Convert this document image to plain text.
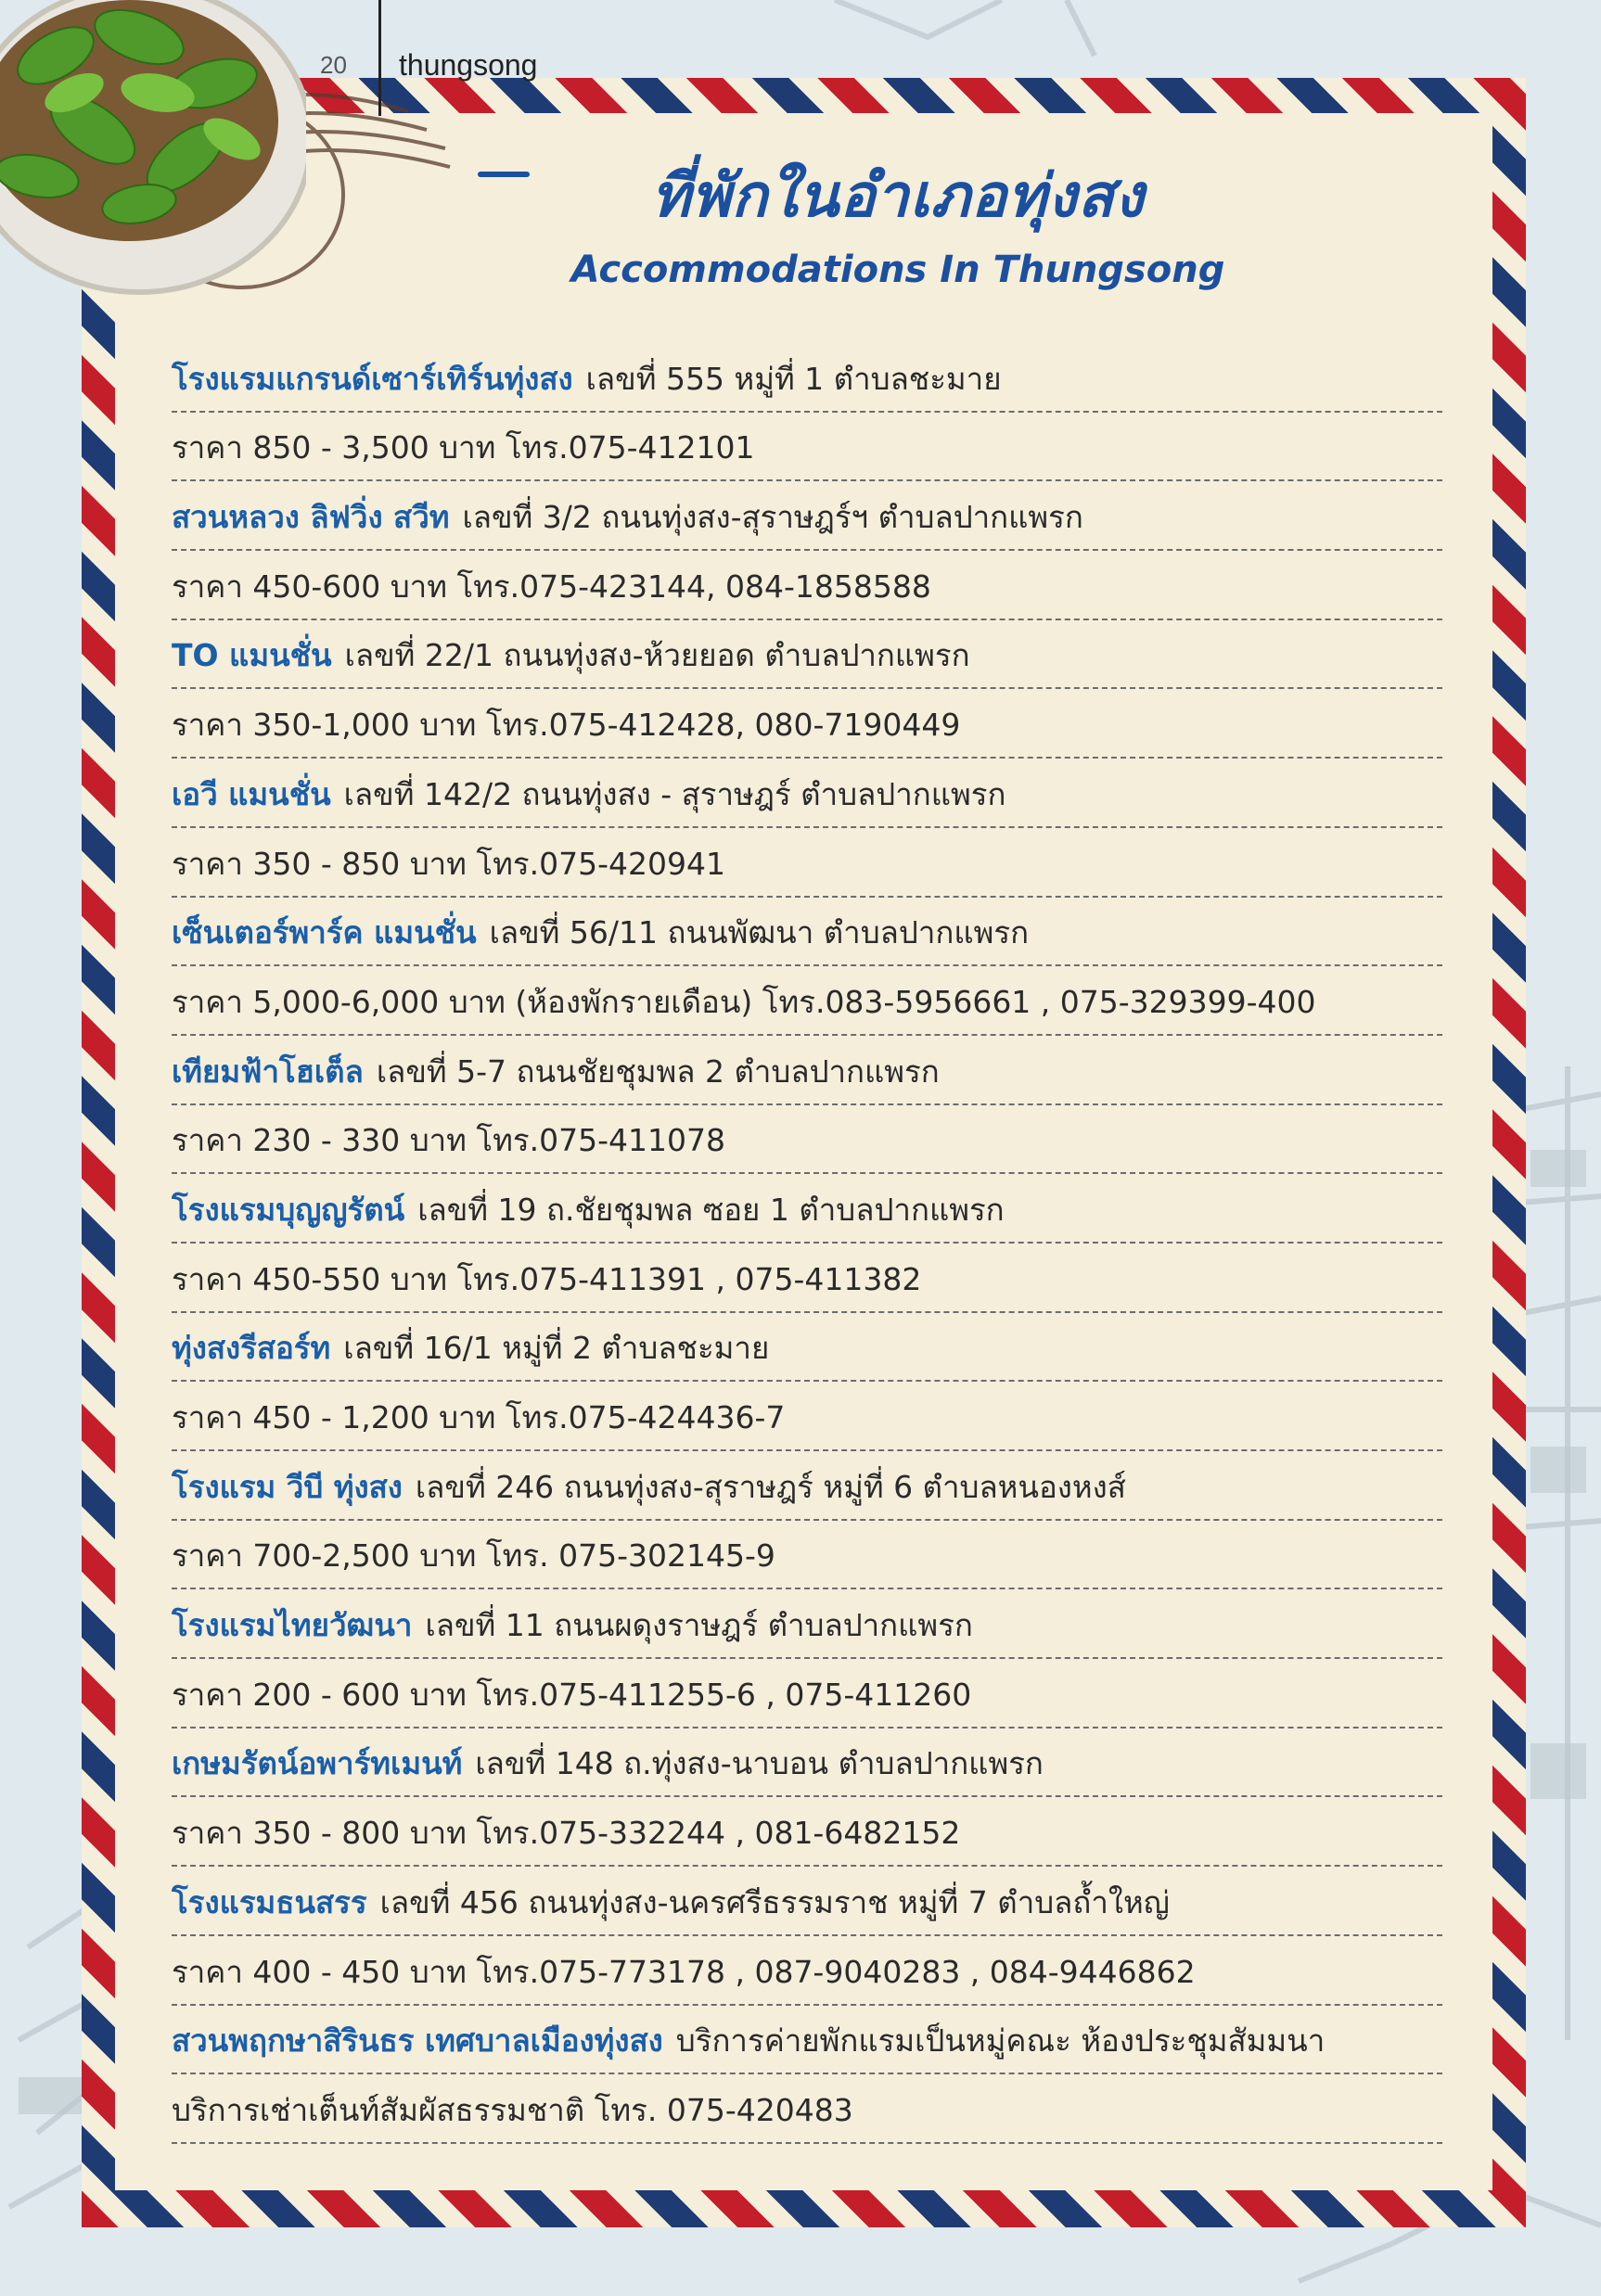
20 thungsong
ที่พักในอำเภอทุ่งสง
Accommodations In Thungsong
โรงแรมแกรนด์เซาร์เทิร์นทุ่งสง เลขที่ 555 หมู่ที่ 1 ตำบลชะมาย
ราคา 850 - 3,500 บาท โทร.075-412101
สวนหลวง ลิฟวิ่ง สวีท เลขที่ 3/2 ถนนทุ่งสง-สุราษฎร์ฯ ตำบลปากแพรก
ราคา 450-600 บาท โทร.075-423144, 084-1858588
TO แมนชั่น เลขที่ 22/1 ถนนทุ่งสง-ห้วยยอด ตำบลปากแพรก
ราคา 350-1,000 บาท โทร.075-412428, 080-7190449
เอวี แมนชั่น เลขที่ 142/2 ถนนทุ่งสง - สุราษฎร์ ตำบลปากแพรก
ราคา 350 - 850 บาท โทร.075-420941
เซ็นเตอร์พาร์ค แมนชั่น เลขที่ 56/11 ถนนพัฒนา ตำบลปากแพรก
ราคา 5,000-6,000 บาท (ห้องพักรายเดือน) โทร.083-5956661 , 075-329399-400
เทียมฟ้าโฮเต็ล เลขที่ 5-7 ถนนชัยชุมพล 2 ตำบลปากแพรก
ราคา 230 - 330 บาท โทร.075-411078
โรงแรมบุญญรัตน์ เลขที่ 19 ถ.ชัยชุมพล ซอย 1 ตำบลปากแพรก
ราคา 450-550 บาท โทร.075-411391 , 075-411382
ทุ่งสงรีสอร์ท เลขที่ 16/1 หมู่ที่ 2 ตำบลชะมาย
ราคา 450 - 1,200 บาท โทร.075-424436-7
โรงแรม วีบี ทุ่งสง เลขที่ 246 ถนนทุ่งสง-สุราษฎร์ หมู่ที่ 6 ตำบลหนองหงส์
ราคา 700-2,500 บาท โทร. 075-302145-9
โรงแรมไทยวัฒนา เลขที่ 11 ถนนผดุงราษฎร์ ตำบลปากแพรก
ราคา 200 - 600 บาท โทร.075-411255-6 , 075-411260
เกษมรัตน์อพาร์ทเมนท์ เลขที่ 148 ถ.ทุ่งสง-นาบอน ตำบลปากแพรก
ราคา 350 - 800 บาท โทร.075-332244 , 081-6482152
โรงแรมธนสรร เลขที่ 456 ถนนทุ่งสง-นครศรีธรรมราช หมู่ที่ 7 ตำบลถ้ำใหญ่
ราคา 400 - 450 บาท โทร.075-773178 , 087-9040283 , 084-9446862
สวนพฤกษาสิรินธร เทศบาลเมืองทุ่งสง บริการค่ายพักแรมเป็นหมู่คณะ ห้องประชุมสัมมนา
บริการเช่าเต็นท์สัมผัสธรรมชาติ โทร. 075-420483
